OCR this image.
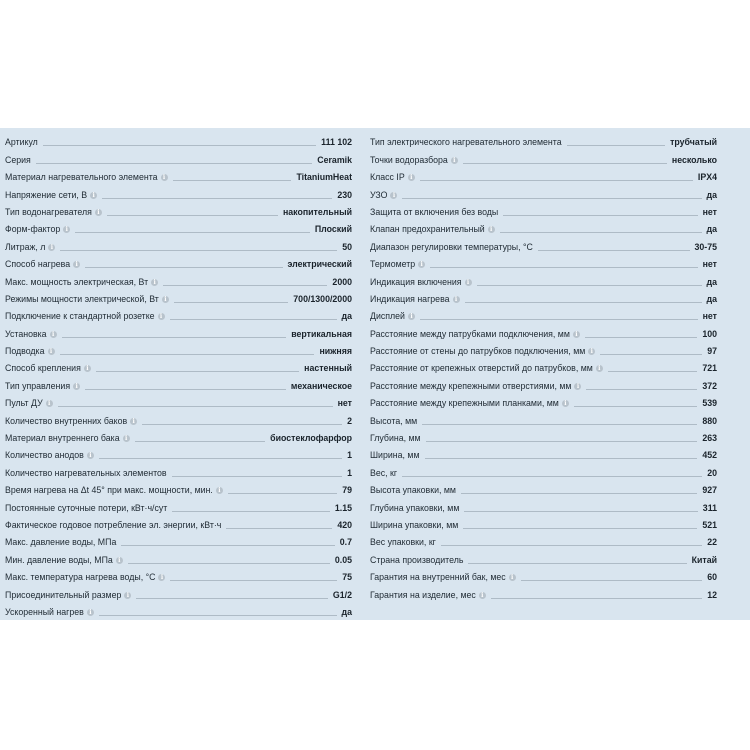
Артикул	111 102
Серия	Ceramik
Материал нагревательного элемента i	TitaniumHeat
Напряжение сети, В i	230
Тип водонагревателя i	накопительный
Форм-фактор i	Плоский
Литраж, л i	50
Способ нагрева i	электрический
Макс. мощность электрическая, Вт i	2000
Режимы мощности электрической, Вт i	700/1300/2000
Подключение к стандартной розетке i	да
Установка i	вертикальная
Подводка i	нижняя
Способ крепления i	настенный
Тип управления i	механическое
Пульт ДУ i	нет
Количество внутренних баков i	2
Материал внутреннего бака i	биостеклофарфор
Количество анодов i	1
Количество нагревательных элементов	1
Время нагрева на Δt 45° при макс. мощности, мин. i	79
Постоянные суточные потери, кВт·ч/сут	1.15
Фактическое годовое потребление эл. энергии, кВт·ч	420
Макс. давление воды, МПа	0.7
Мин. давление воды, МПа i	0.05
Макс. температура нагрева воды, °С i	75
Присоединительный размер i	G1/2
Ускоренный нагрев i	да
Тип электрического нагревательного элемента	трубчатый
Точки водоразбора i	несколько
Класс IP i	IPX4
УЗО i	да
Защита от включения без воды	нет
Клапан предохранительный i	да
Диапазон регулировки температуры, °С	30-75
Термометр i	нет
Индикация включения i	да
Индикация нагрева i	да
Дисплей i	нет
Расстояние между патрубками подключения, мм i	100
Расстояние от стены до патрубков подключения, мм i	97
Расстояние от крепежных отверстий до патрубков, мм i	721
Расстояние между крепежными отверстиями, мм i	372
Расстояние между крепежными планками, мм i	539
Высота, мм	880
Глубина, мм	263
Ширина, мм	452
Вес, кг	20
Высота упаковки, мм	927
Глубина упаковки, мм	311
Ширина упаковки, мм	521
Вес упаковки, кг	22
Страна производитель	Китай
Гарантия на внутренний бак, мес i	60
Гарантия на изделие, мес i	12
